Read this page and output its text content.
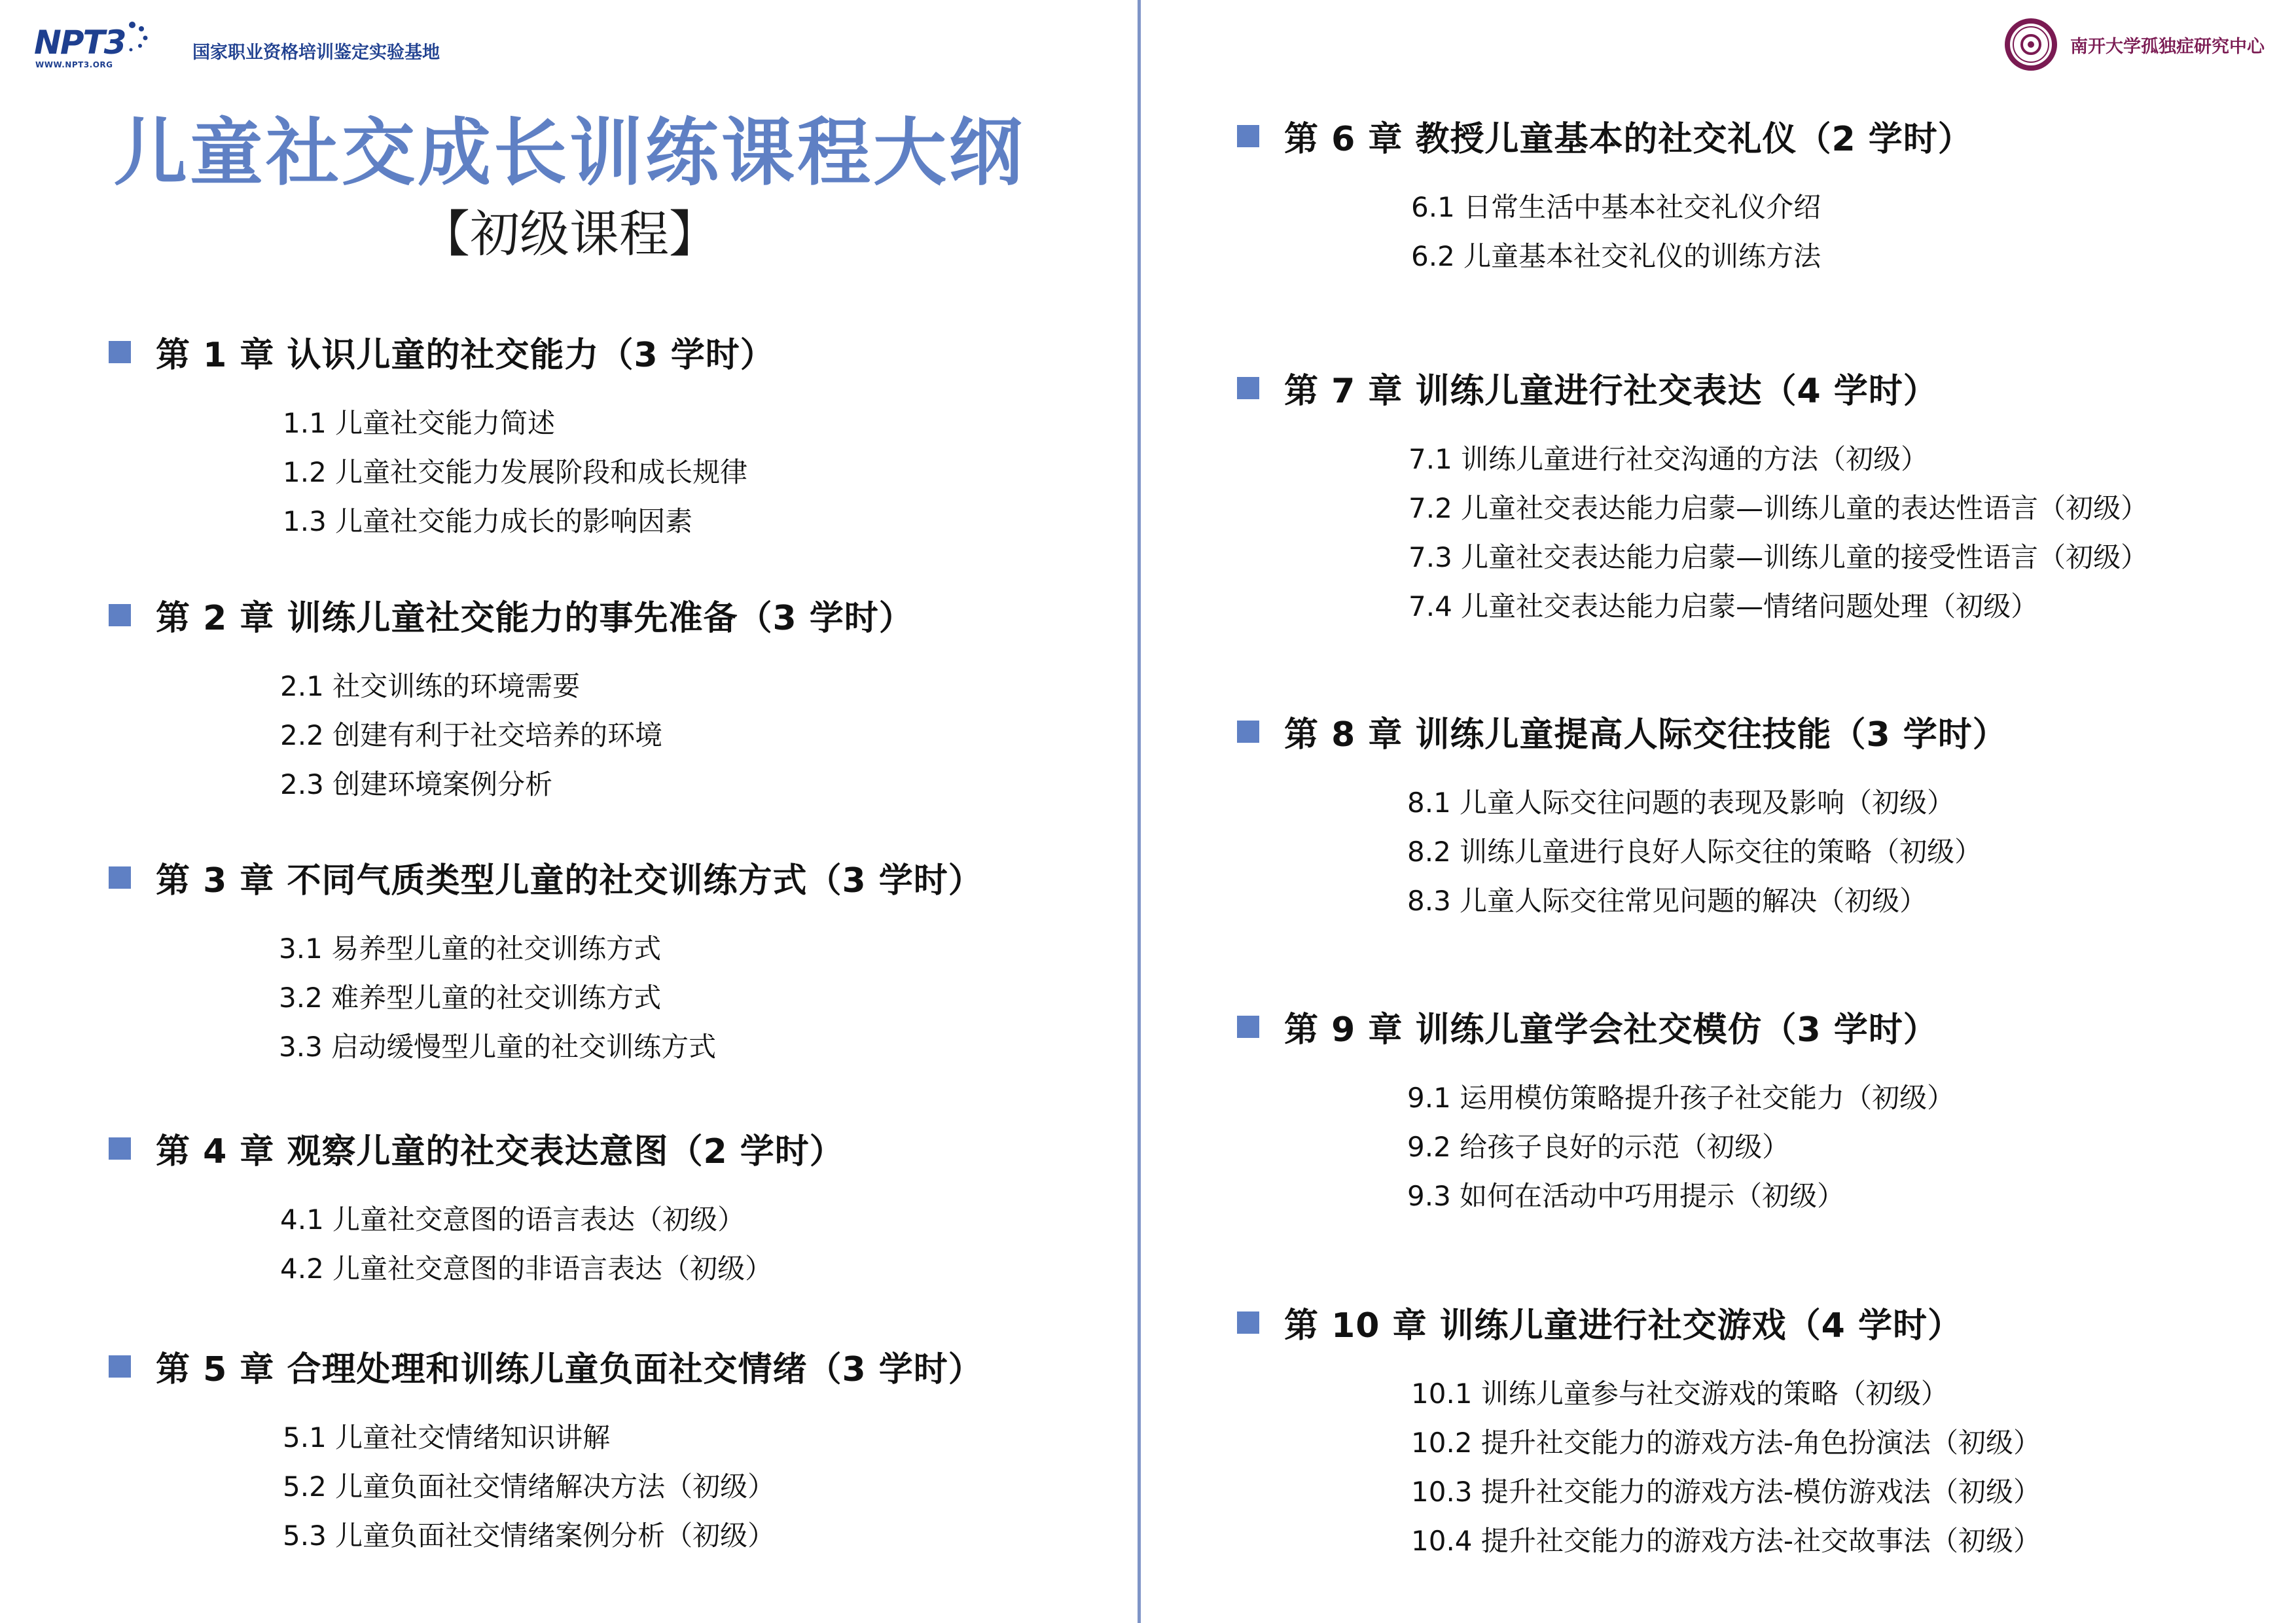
NPT3
WWW.NPT3.ORG
国家职业资格培训鉴定实验基地
儿童社交成长训练课程大纲
【初级课程】
第 1 章 认识儿童的社交能力（3 学时）
1.1 儿童社交能力简述
1.2 儿童社交能力发展阶段和成长规律
1.3 儿童社交能力成长的影响因素
第 2 章 训练儿童社交能力的事先准备（3 学时）
2.1 社交训练的环境需要
2.2 创建有利于社交培养的环境
2.3 创建环境案例分析
第 3 章 不同气质类型儿童的社交训练方式（3 学时）
3.1 易养型儿童的社交训练方式
3.2 难养型儿童的社交训练方式
3.3 启动缓慢型儿童的社交训练方式
第 4 章 观察儿童的社交表达意图（2 学时）
4.1 儿童社交意图的语言表达（初级）
4.2 儿童社交意图的非语言表达（初级）
第 5 章 合理处理和训练儿童负面社交情绪（3 学时）
5.1 儿童社交情绪知识讲解
5.2 儿童负面社交情绪解决方法（初级）
5.3 儿童负面社交情绪案例分析（初级）
南开大学孤独症研究中心
第 6 章 教授儿童基本的社交礼仪（2 学时）
6.1 日常生活中基本社交礼仪介绍
6.2 儿童基本社交礼仪的训练方法
第 7 章 训练儿童进行社交表达（4 学时）
7.1 训练儿童进行社交沟通的方法（初级）
7.2 儿童社交表达能力启蒙—训练儿童的表达性语言（初级）
7.3 儿童社交表达能力启蒙—训练儿童的接受性语言（初级）
7.4 儿童社交表达能力启蒙—情绪问题处理（初级）
第 8 章 训练儿童提高人际交往技能（3 学时）
8.1 儿童人际交往问题的表现及影响（初级）
8.2 训练儿童进行良好人际交往的策略（初级）
8.3 儿童人际交往常见问题的解决（初级）
第 9 章 训练儿童学会社交模仿（3 学时）
9.1 运用模仿策略提升孩子社交能力（初级）
9.2 给孩子良好的示范（初级）
9.3 如何在活动中巧用提示（初级）
第 10 章 训练儿童进行社交游戏（4 学时）
10.1 训练儿童参与社交游戏的策略（初级）
10.2 提升社交能力的游戏方法-角色扮演法（初级）
10.3 提升社交能力的游戏方法-模仿游戏法（初级）
10.4 提升社交能力的游戏方法-社交故事法（初级）
